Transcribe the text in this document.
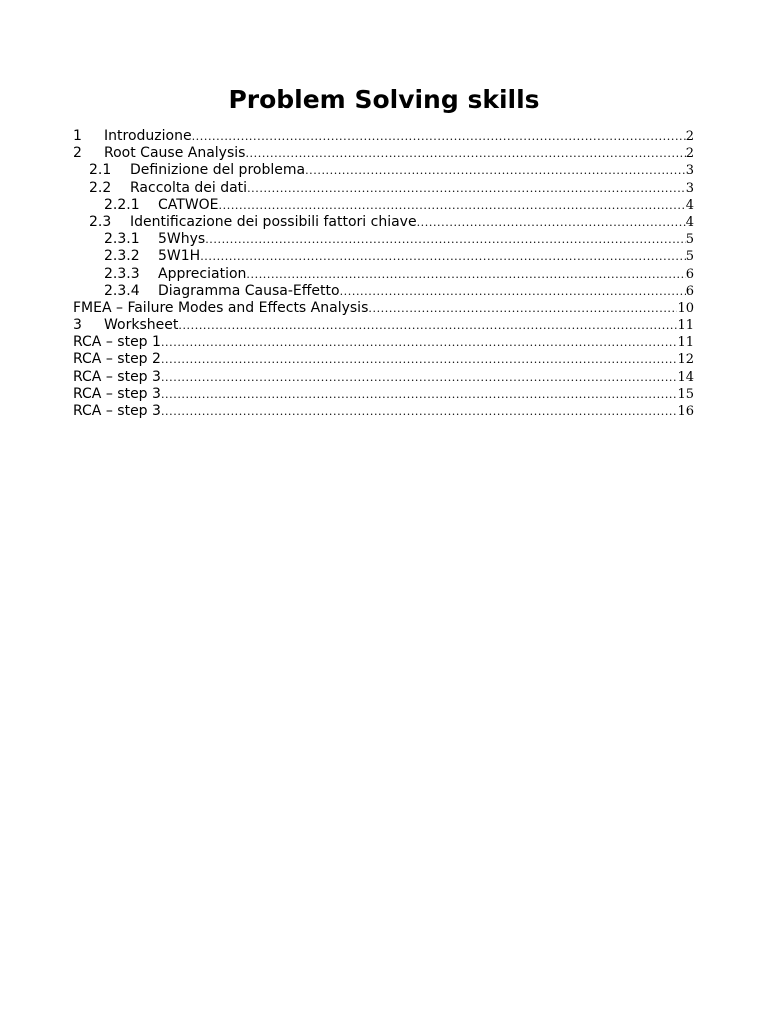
Problem Solving skills
1	Introduzione .....	2
2	Root Cause Analysis .....	2
2.1	Definizione del problema .....	3
2.2	Raccolta dei dati .....	3
2.2.1	CATWOE .....	4
2.3	Identificazione dei possibili fattori chiave .....	4
2.3.1	5Whys .....	5
2.3.2	5W1H .....	5
2.3.3	Appreciation .....	6
2.3.4	Diagramma Causa-Effetto .....	6
FMEA – Failure Modes and Effects Analysis .....	10
3	Worksheet .....	11
RCA – step 1 .....	11
RCA – step 2 .....	12
RCA – step 3 .....	14
RCA – step 3 .....	15
RCA – step 3 .....	16
